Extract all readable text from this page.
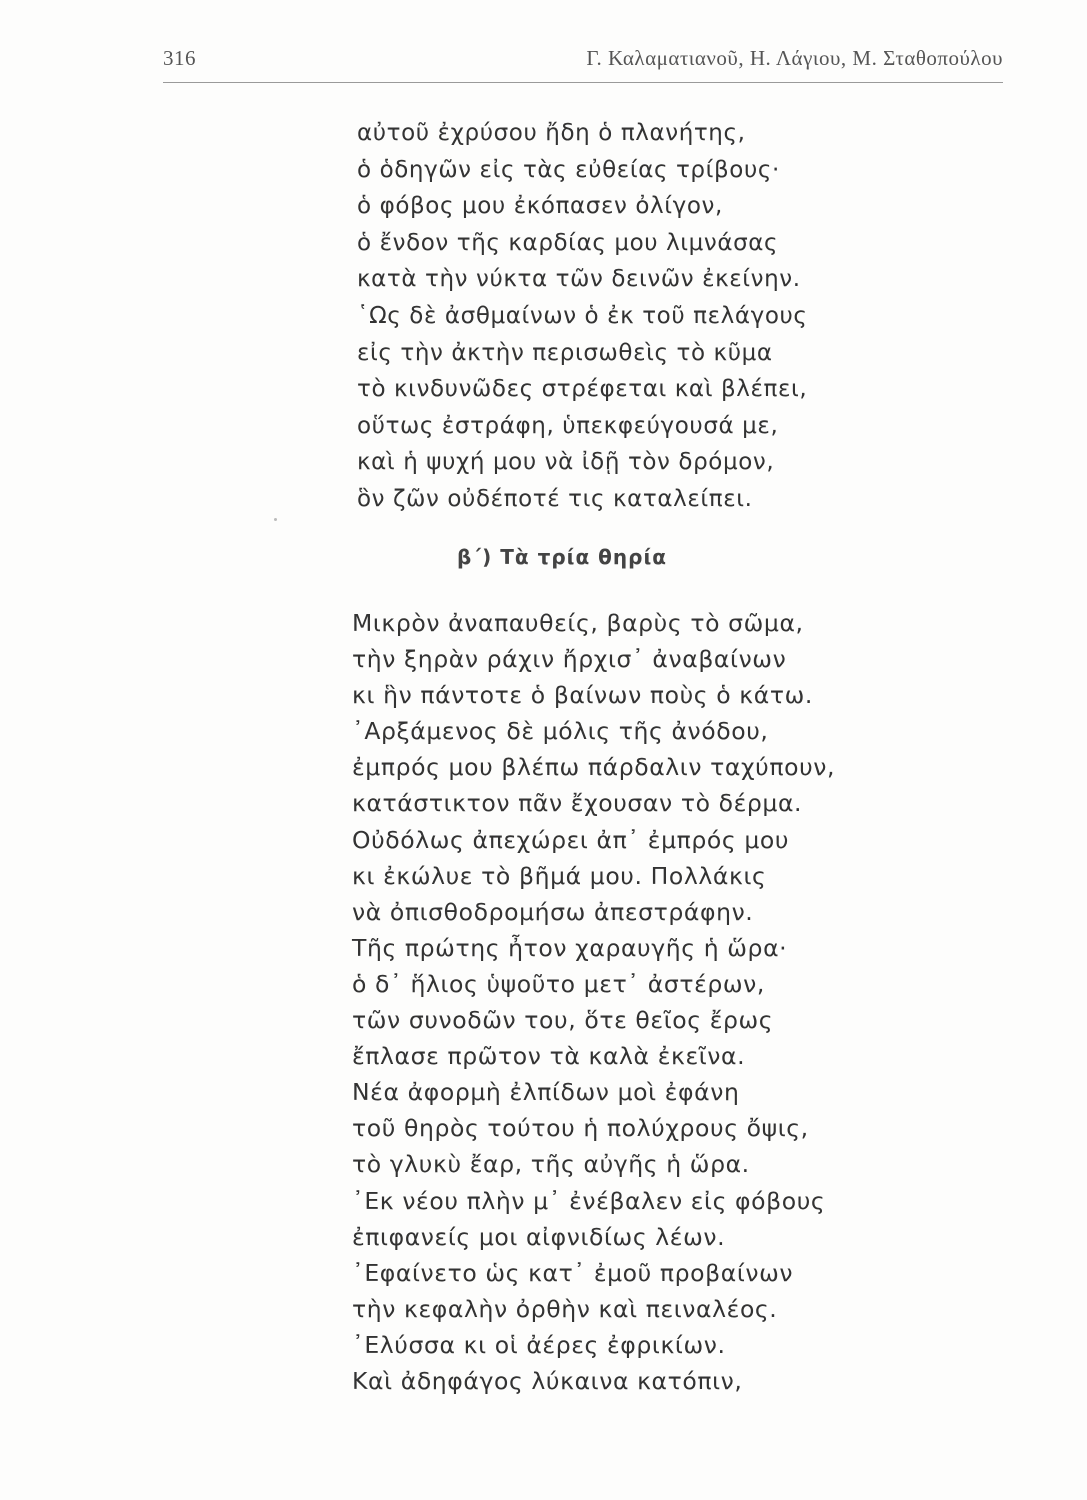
316	Γ. Καλαματιανοῦ, Η. Λάγιου, Μ. Σταθοπούλου
αὐτοῦ ἐχρύσου ἤδη ὁ πλανήτης,
ὁ ὁδηγῶν εἰς τὰς εὐθείας τρίβους·
ὁ φόβος μου ἐκόπασεν ὀλίγον,
ὁ ἔνδον τῆς καρδίας μου λιμνάσας
κατὰ τὴν νύκτα τῶν δεινῶν ἐκείνην.
῾Ως δὲ ἀσθμαίνων ὁ ἐκ τοῦ πελάγους
εἰς τὴν ἀκτὴν περισωθεὶς τὸ κῦμα
τὸ κινδυνῶδες στρέφεται καὶ βλέπει,
οὕτως ἐστράφη, ὑπεκφεύγουσά με,
καὶ ἡ ψυχή μου νὰ ἰδῇ τὸν δρόμον,
ὃν ζῶν οὐδέποτέ τις καταλείπει.
β΄) Τὰ τρία θηρία
Μικρὸν ἀναπαυθείς, βαρὺς τὸ σῶμα,
τὴν ξηρὰν ράχιν ἤρχισ᾽ ἀναβαίνων
κι ἣν πάντοτε ὁ βαίνων ποὺς ὁ κάτω.
᾽Αρξάμενος δὲ μόλις τῆς ἀνόδου,
ἐμπρός μου βλέπω πάρδαλιν ταχύπουν,
κατάστικτον πᾶν ἔχουσαν τὸ δέρμα.
Οὐδόλως ἀπεχώρει ἀπ᾽ ἐμπρός μου
κι ἐκώλυε τὸ βῆμά μου. Πολλάκις
νὰ ὀπισθοδρομήσω ἀπεστράφην.
Τῆς πρώτης ἦτον χαραυγῆς ἡ ὥρα·
ὁ δ᾽ ἥλιος ὑψοῦτο μετ᾽ ἀστέρων,
τῶν συνοδῶν του, ὅτε θεῖος ἔρως
ἔπλασε πρῶτον τὰ καλὰ ἐκεῖνα.
Νέα ἀφορμὴ ἐλπίδων μοὶ ἐφάνη
τοῦ θηρὸς τούτου ἡ πολύχρους ὄψις,
τὸ γλυκὺ ἔαρ, τῆς αὐγῆς ἡ ὥρα.
᾽Εκ νέου πλὴν μ᾽ ἐνέβαλεν εἰς φόβους
ἐπιφανείς μοι αἰφνιδίως λέων.
᾽Εφαίνετο ὡς κατ᾽ ἐμοῦ προβαίνων
τὴν κεφαλὴν ὀρθὴν καὶ πειναλέος.
᾽Ελύσσα κι οἱ ἀέρες ἐφρικίων.
Καὶ ἀδηφάγος λύκαινα κατόπιν,
